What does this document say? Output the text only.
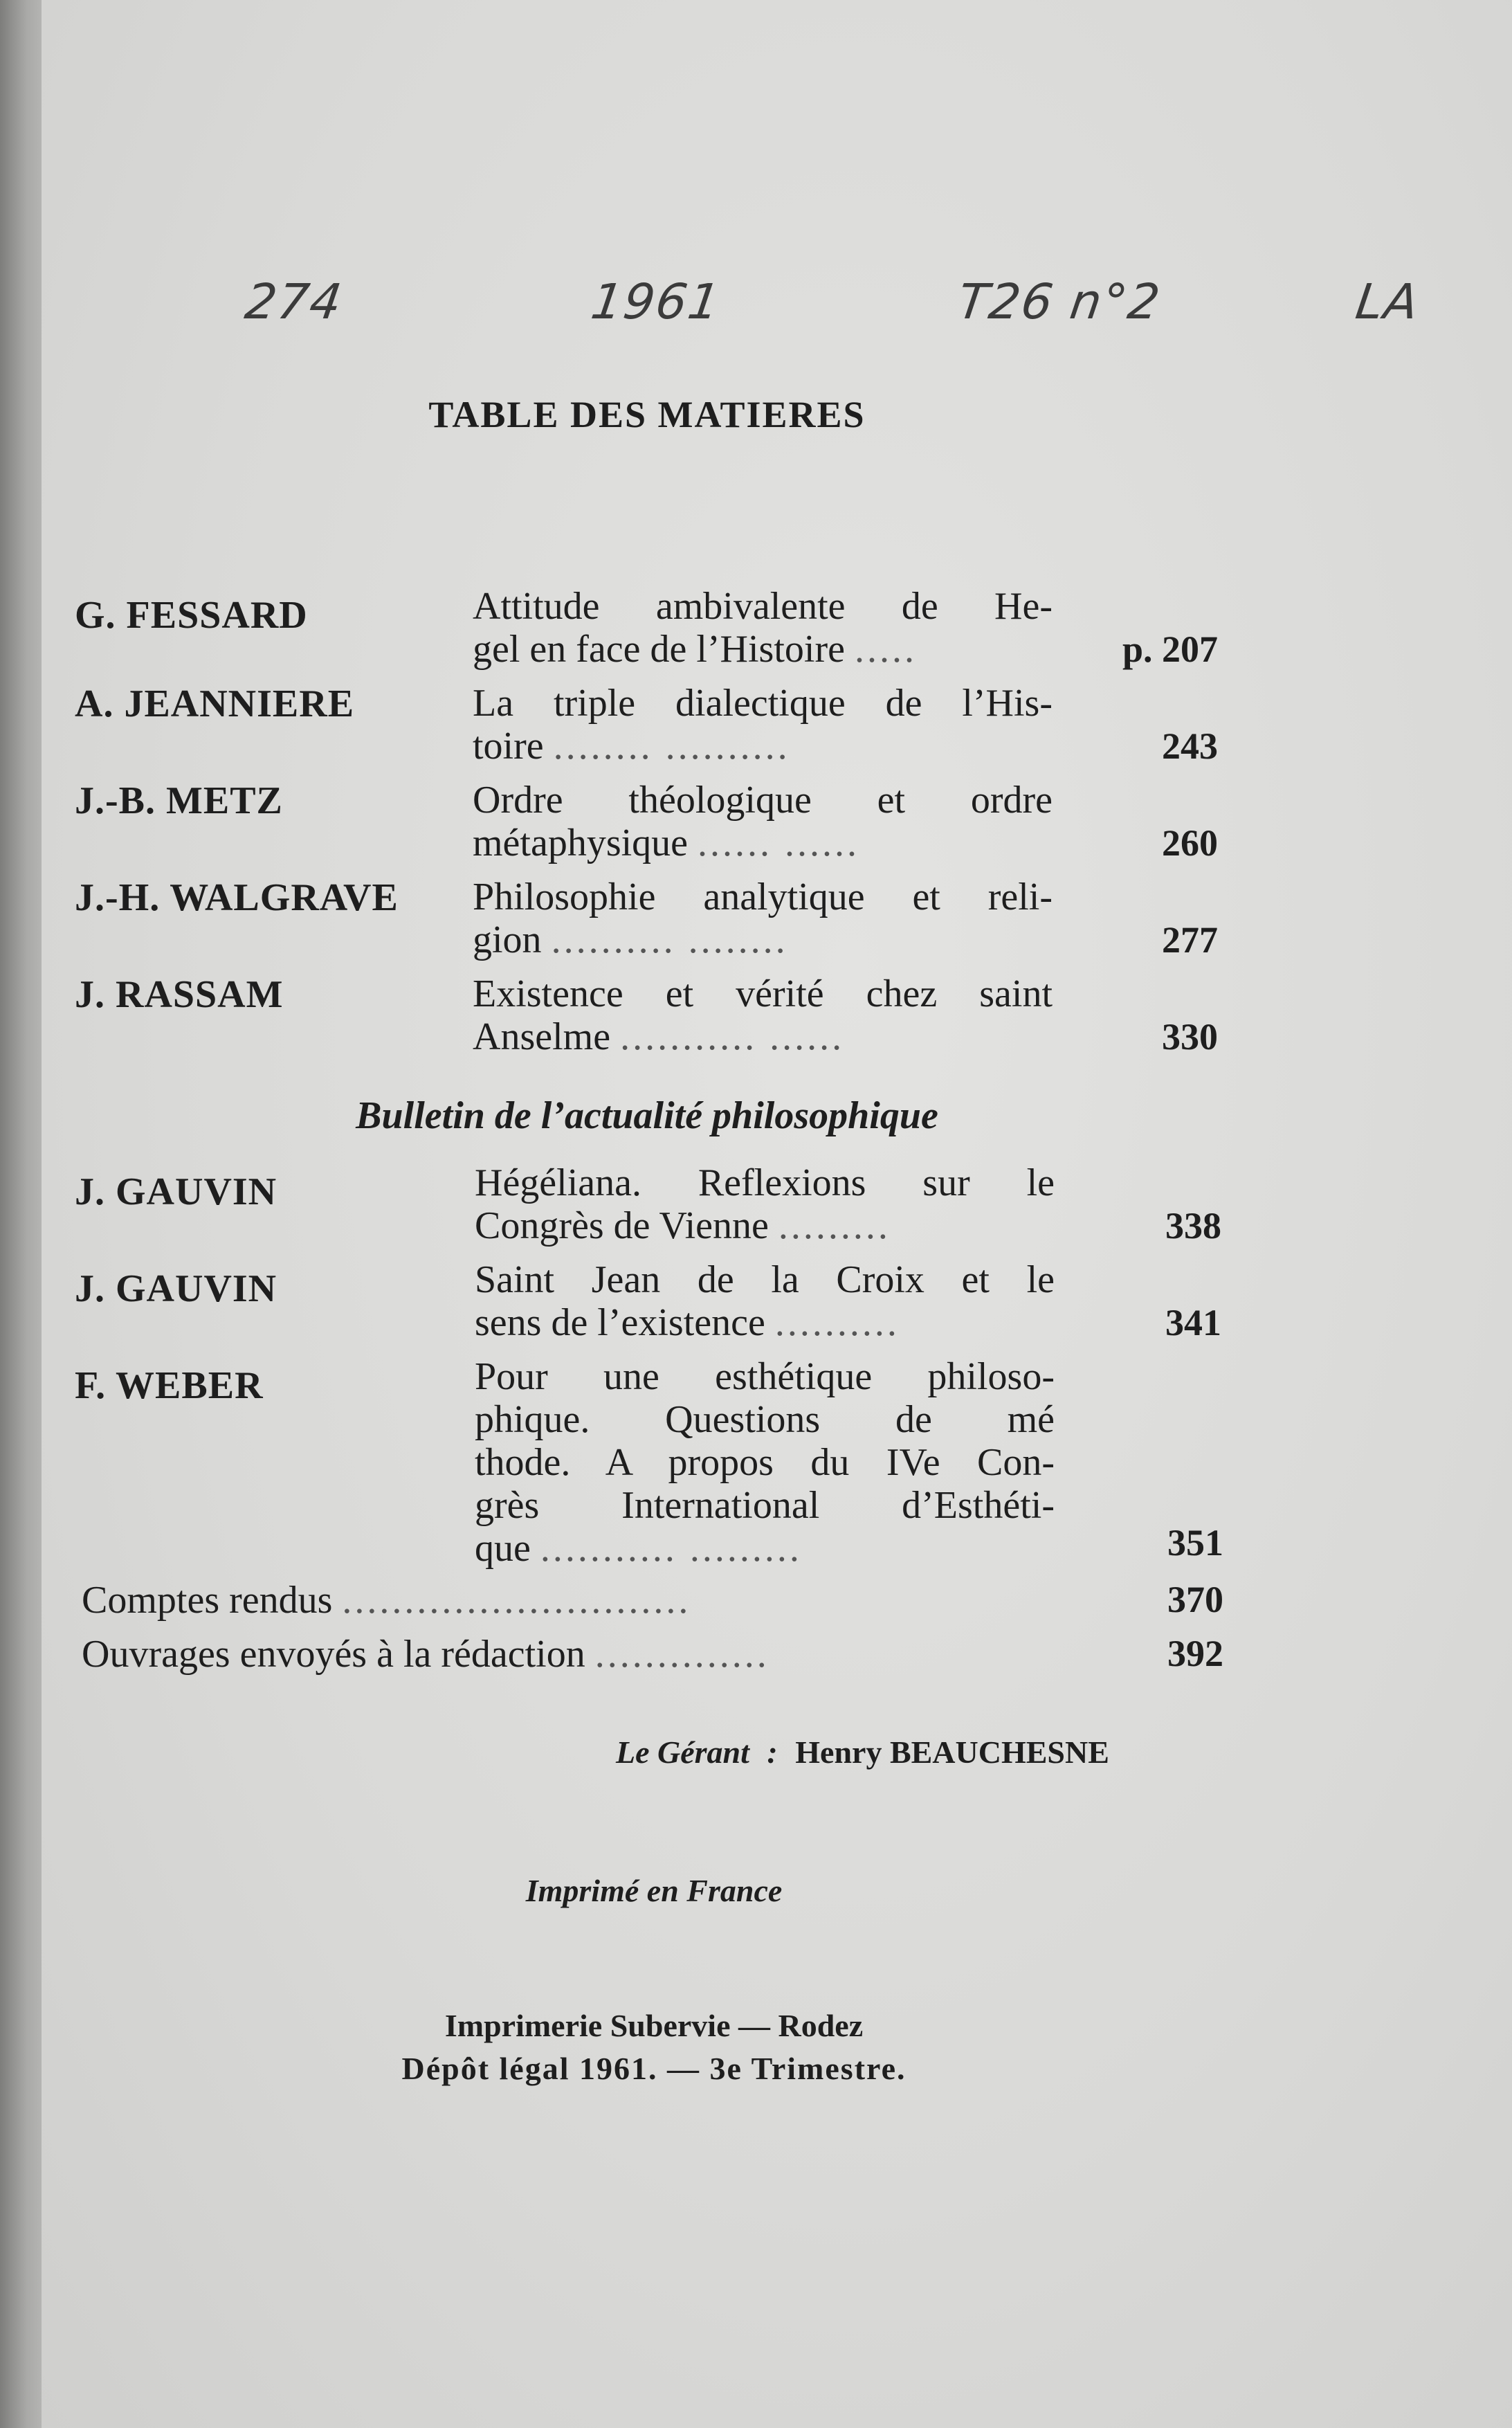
274	1961	T26 n°2	LA
TABLE DES MATIERES
G. FESSARD	Attitude ambivalente de He-
gel en face de l’Histoire .....	p. 207
A. JEANNIERE	La triple dialectique de l’His-
toire ........ ..........	243
J.-B. METZ	Ordre théologique et ordre
métaphysique ...... ......	260
J.-H. WALGRAVE Philosophie analytique et reli-
gion .......... ........	277
J. RASSAM	Existence et vérité chez saint
Anselme ........... ......	330
Bulletin de l’actualité philosophique
J. GAUVIN	Hégéliana. Reflexions sur le
Congrès de Vienne .........	338
J. GAUVIN	Saint Jean de la Croix et le
sens de l’existence ..........	341
F. WEBER	Pour une esthétique philoso-
phique. Questions de mé
thode. A propos du IVe Con-
grès International d’Esthéti-
que ........... .........	351
Comptes rendus ............................	370
Ouvrages envoyés à la rédaction ..............	392
Le Gérant : Henry BEAUCHESNE
Imprimé en France
Imprimerie Subervie — Rodez
Dépôt légal 1961. — 3e Trimestre.
